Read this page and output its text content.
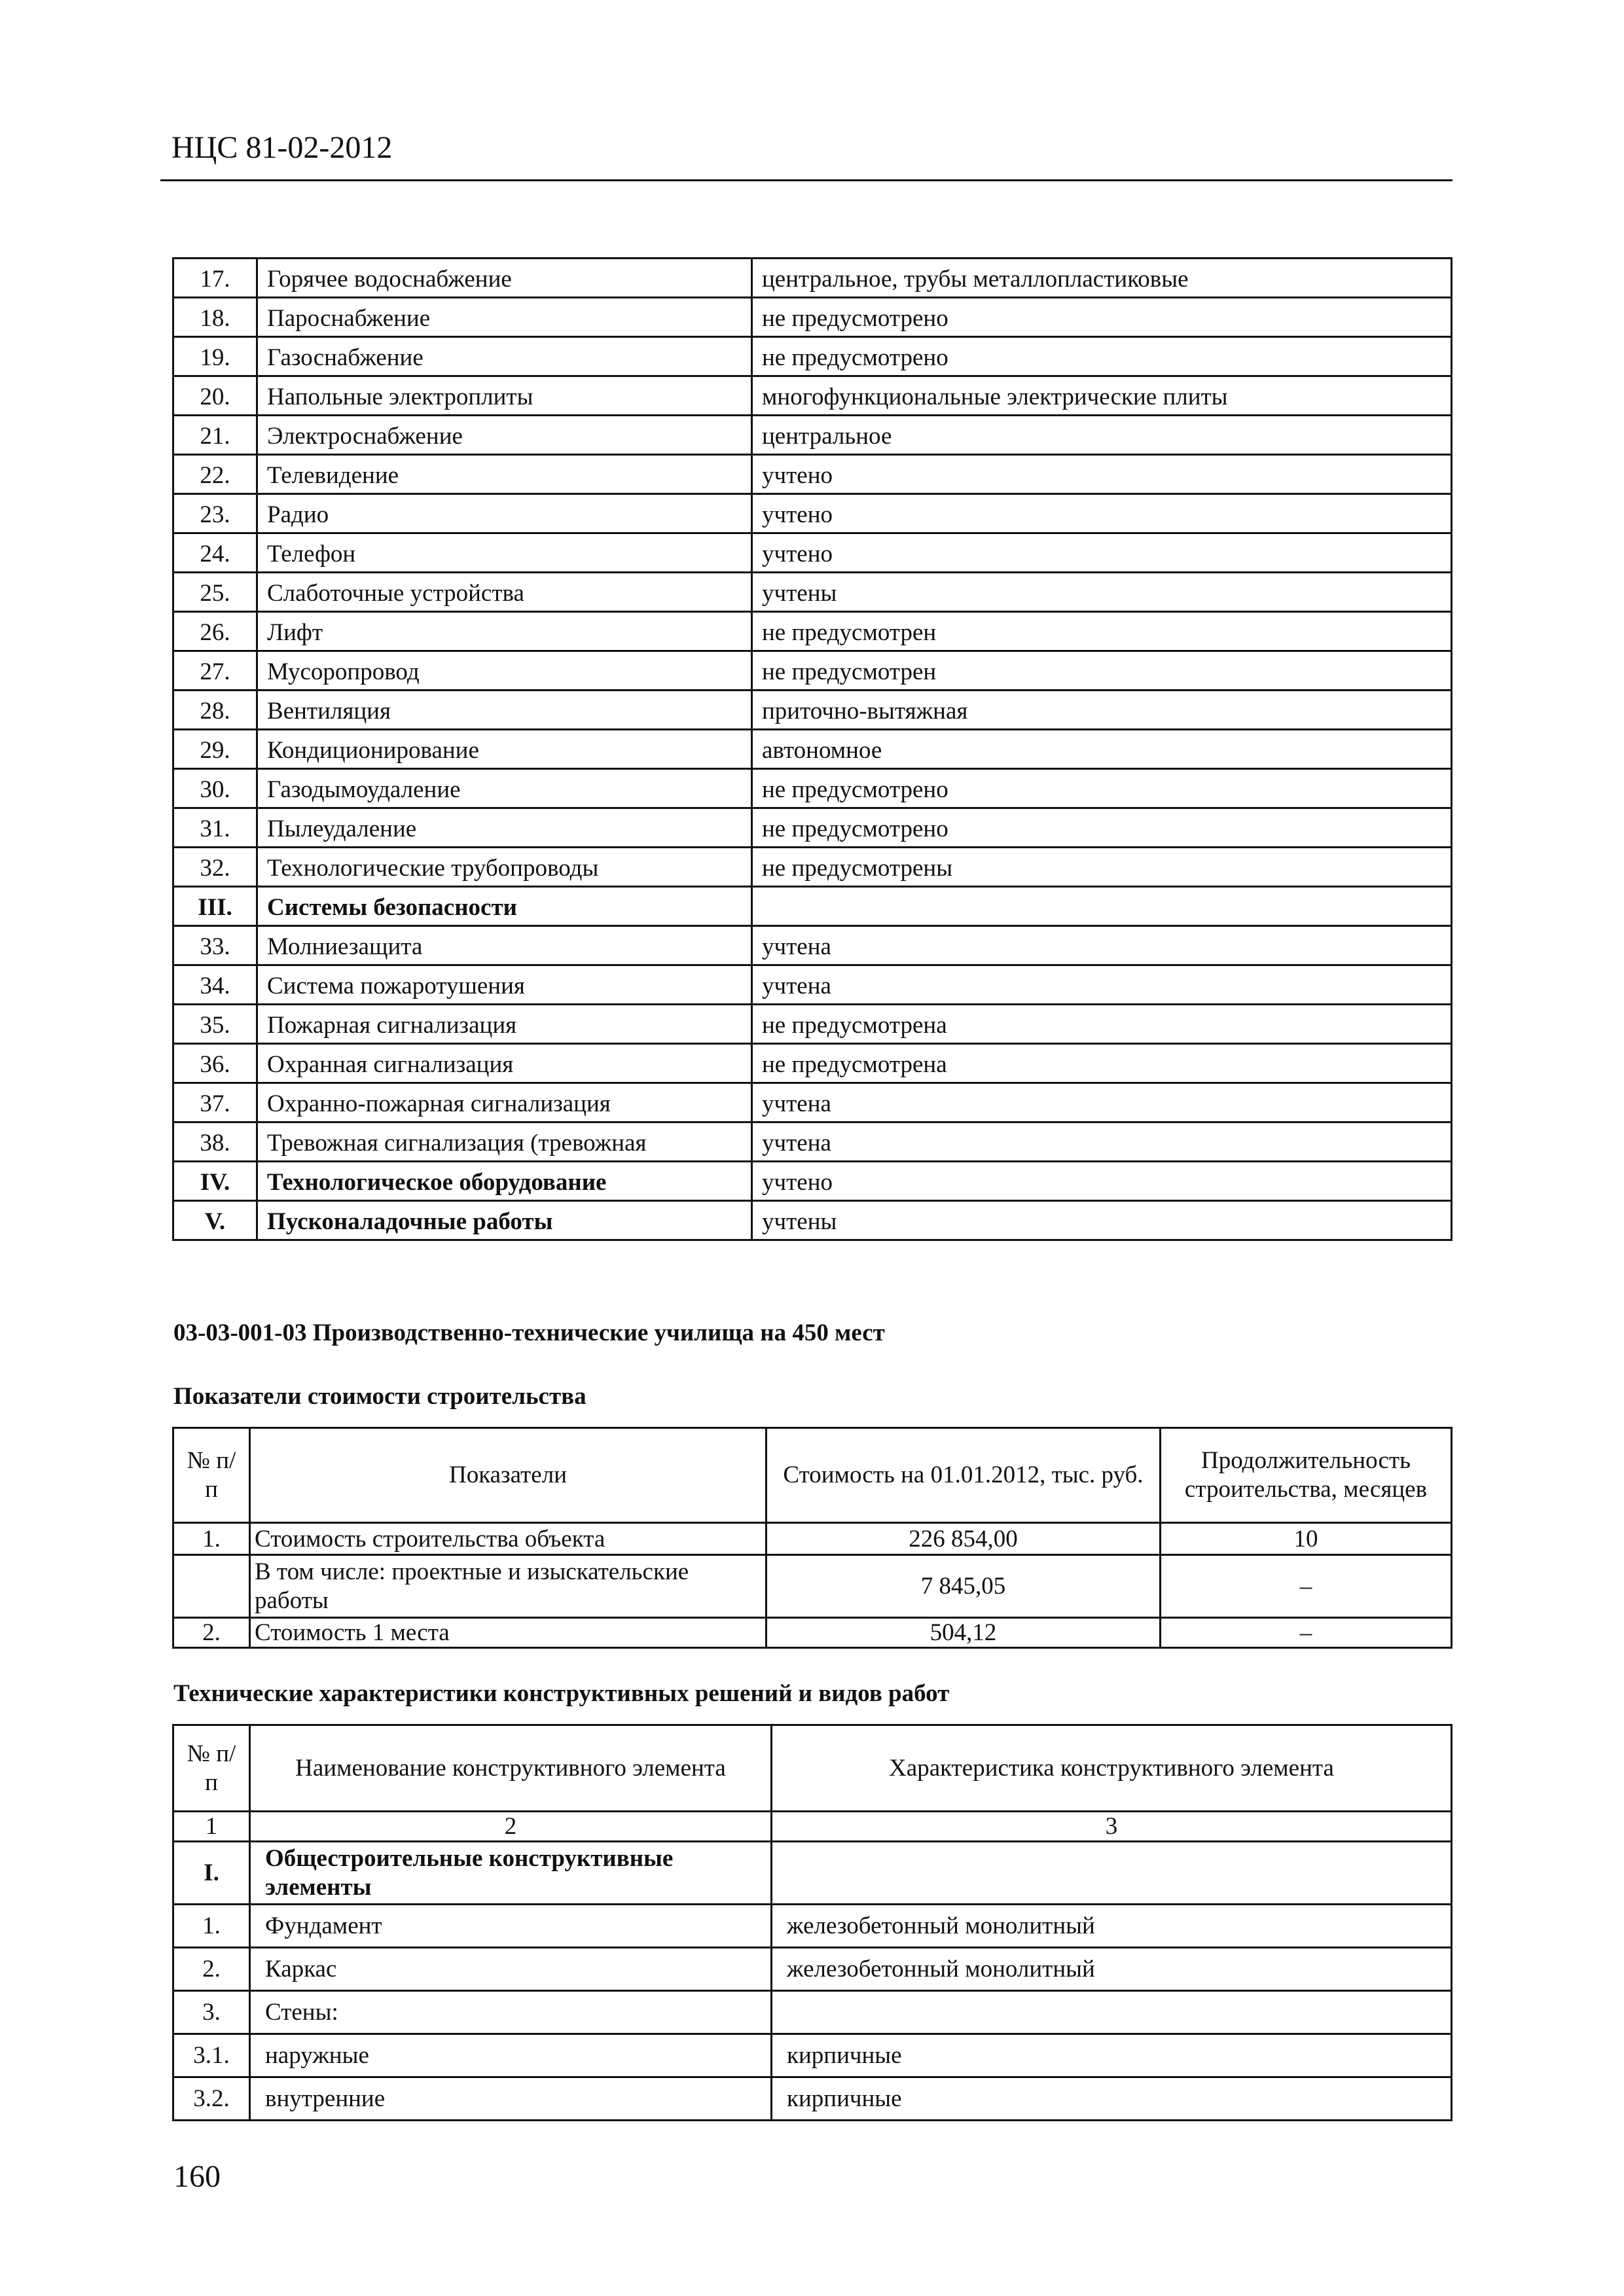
НЦС 81-02-2012
17.	Горячее водоснабжение	центральное, трубы металлопластиковые
18.	Пароснабжение	не предусмотрено
19.	Газоснабжение	не предусмотрено
20.	Напольные электроплиты	многофункциональные электрические плиты
21.	Электроснабжение	центральное
22.	Телевидение	учтено
23.	Радио	учтено
24.	Телефон	учтено
25.	Слаботочные устройства	учтены
26.	Лифт	не предусмотрен
27.	Мусоропровод	не предусмотрен
28.	Вентиляция	приточно-вытяжная
29.	Кондиционирование	автономное
30.	Газодымоудаление	не предусмотрено
31.	Пылеудаление	не предусмотрено
32.	Технологические трубопроводы	не предусмотрены
III.	Системы безопасности	
33.	Молниезащита	учтена
34.	Система пожаротушения	учтена
35.	Пожарная сигнализация	не предусмотрена
36.	Охранная сигнализация	не предусмотрена
37.	Охранно-пожарная сигнализация	учтена
38.	Тревожная сигнализация (тревожная	учтена
IV.	Технологическое оборудование	учтено
V.	Пусконаладочные работы	учтены
03-03-001-03 Производственно-технические училища на 450 мест
Показатели стоимости строительства
№ п/п	Показатели	Стоимость на 01.01.2012, тыс. руб.	Продолжительность строительства, месяцев
1.	Стоимость строительства объекта	226 854,00	10
	В том числе: проектные и изыскательские работы	7 845,05	–
2.	Стоимость 1 места	504,12	–
Технические характеристики конструктивных решений и видов работ
№ п/п	Наименование конструктивного элемента	Характеристика конструктивного элемента
1	2	3
I.	Общестроительные конструктивные элементы	
1.	Фундамент	железобетонный монолитный
2.	Каркас	железобетонный монолитный
3.	Стены:	
3.1.	наружные	кирпичные
3.2.	внутренние	кирпичные
160
